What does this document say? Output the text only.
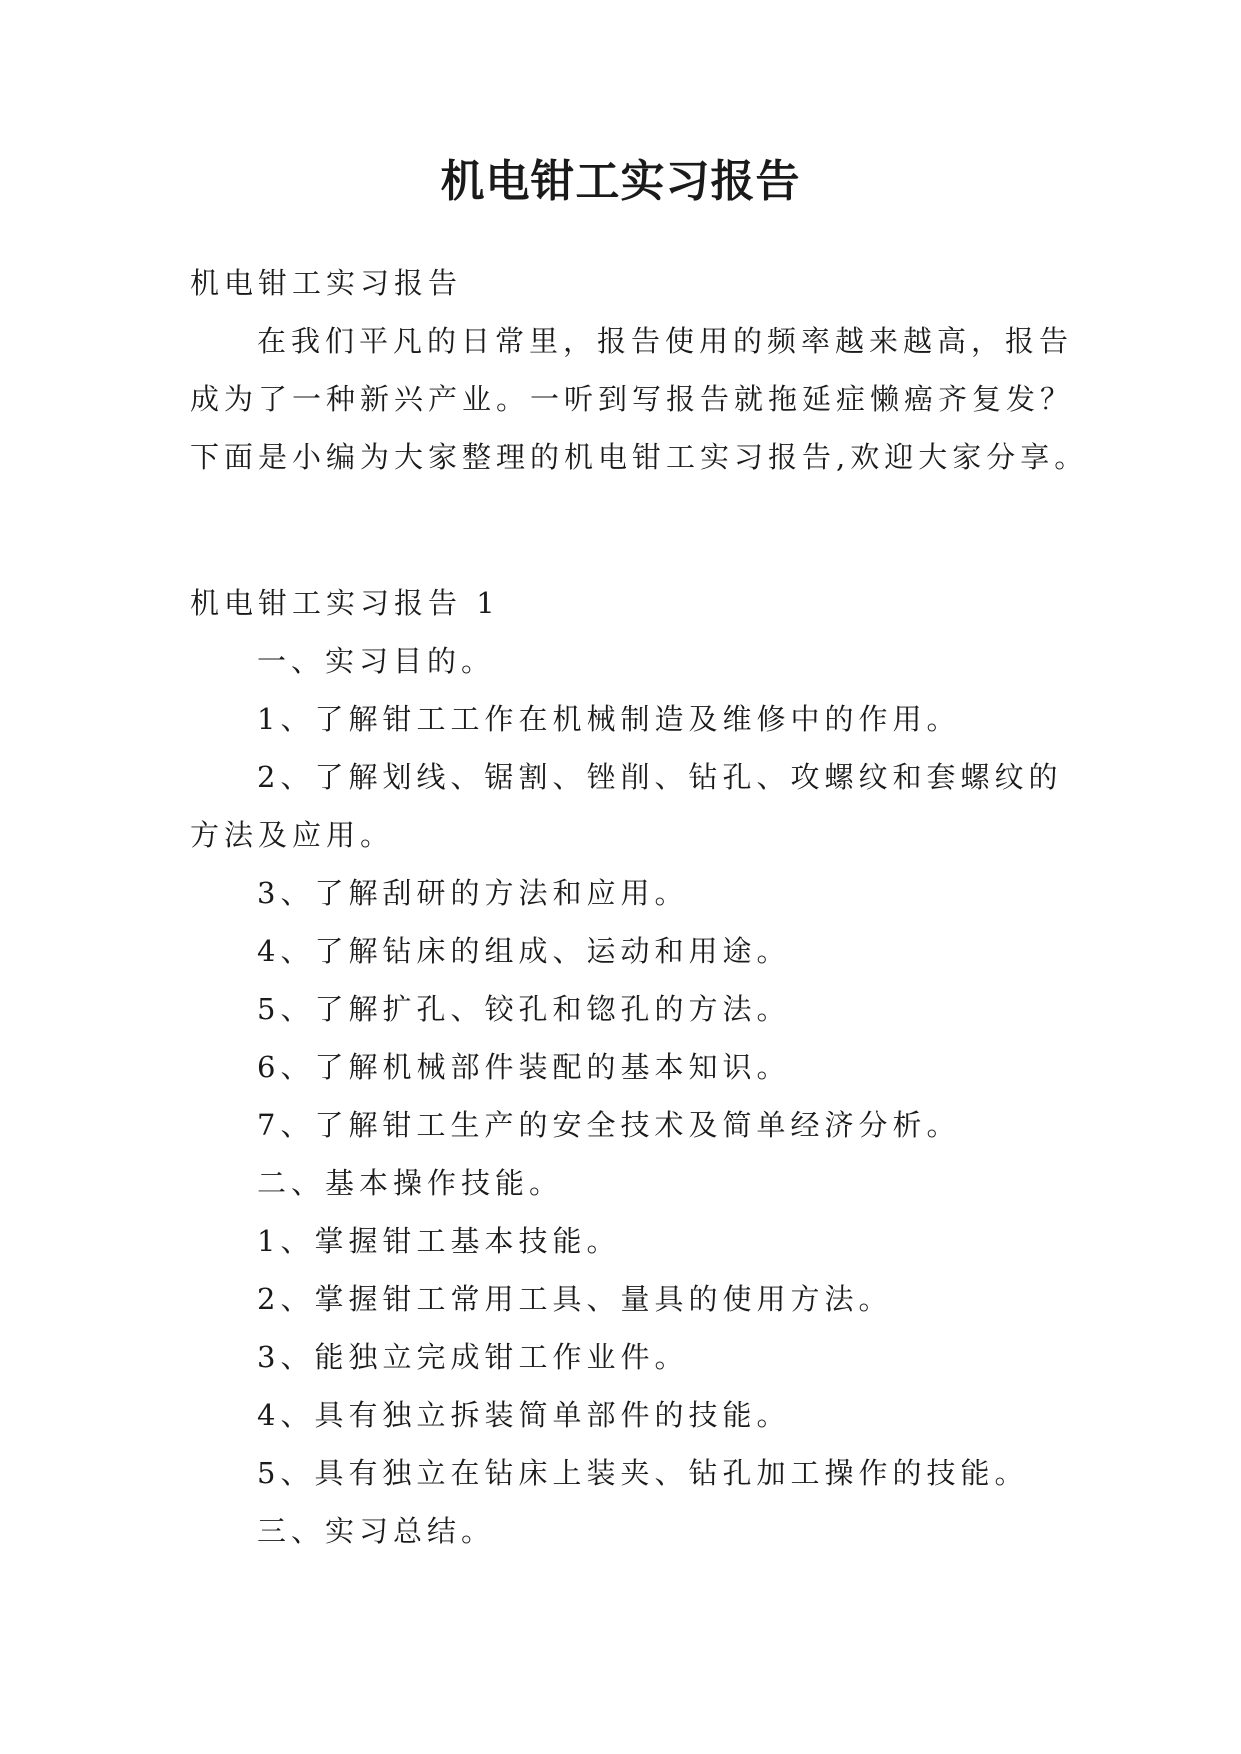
机电钳工实习报告

机电钳工实习报告

在我们平凡的日常里，报告使用的频率越来越高，报告

成为了一种新兴产业。一听到写报告就拖延症懒癌齐复发？

下面是小编为大家整理的机电钳工实习报告,欢迎大家分享。

机电钳工实习报告 1

一、实习目的。

1、了解钳工工作在机械制造及维修中的作用。

2、了解划线、锯割、锉削、钻孔、攻螺纹和套螺纹的

方法及应用。

3、了解刮研的方法和应用。

4、了解钻床的组成、运动和用途。

5、了解扩孔、铰孔和锪孔的方法。

6、了解机械部件装配的基本知识。

7、了解钳工生产的安全技术及简单经济分析。

二、基本操作技能。

1、掌握钳工基本技能。

2、掌握钳工常用工具、量具的使用方法。

3、能独立完成钳工作业件。

4、具有独立拆装简单部件的技能。

5、具有独立在钻床上装夹、钻孔加工操作的技能。

三、实习总结。
